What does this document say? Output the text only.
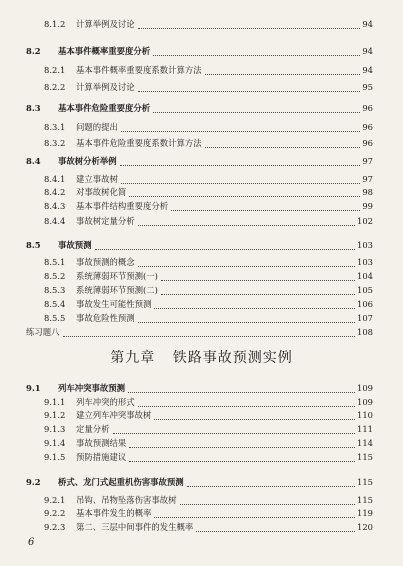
8.1.2 计算举例及讨论	94
8.2 基本事件概率重要度分析	94
8.2.1 基本事件概率重要度系数计算方法	94
8.2.2 计算举例及讨论	95
8.3 基本事件危险重要度分析	96
8.3.1 问题的提出	96
8.3.2 基本事件危险重要度系数计算方法	96
8.4 事故树分析举例	97
8.4.1 建立事故树	97
8.4.2 对事故树化简	98
8.4.3 基本事件结构重要度分析	99
8.4.4 事故树定量分析	102
8.5 事故预测	103
8.5.1 事故预测的概念	103
8.5.2 系统薄弱环节预测(一)	104
8.5.3 系统薄弱环节预测(二)	105
8.5.4 事故发生可能性预测	106
8.5.5 事故危险性预测	107
练习题八	108
9.1 列车冲突事故预测	109
9.1.1 列车冲突的形式	109
9.1.2 建立列车冲突事故树	110
9.1.3 定量分析	111
9.1.4 事故预测结果	114
9.1.5 预防措施建议	115
9.2 桥式、龙门式起重机伤害事故预测	115
9.2.1 吊钩、吊物坠落伤害事故树	115
9.2.2 基本事件发生的概率	119
9.2.3 第二、三层中间事件的发生概率	120
第九章 铁路事故预测实例
6
